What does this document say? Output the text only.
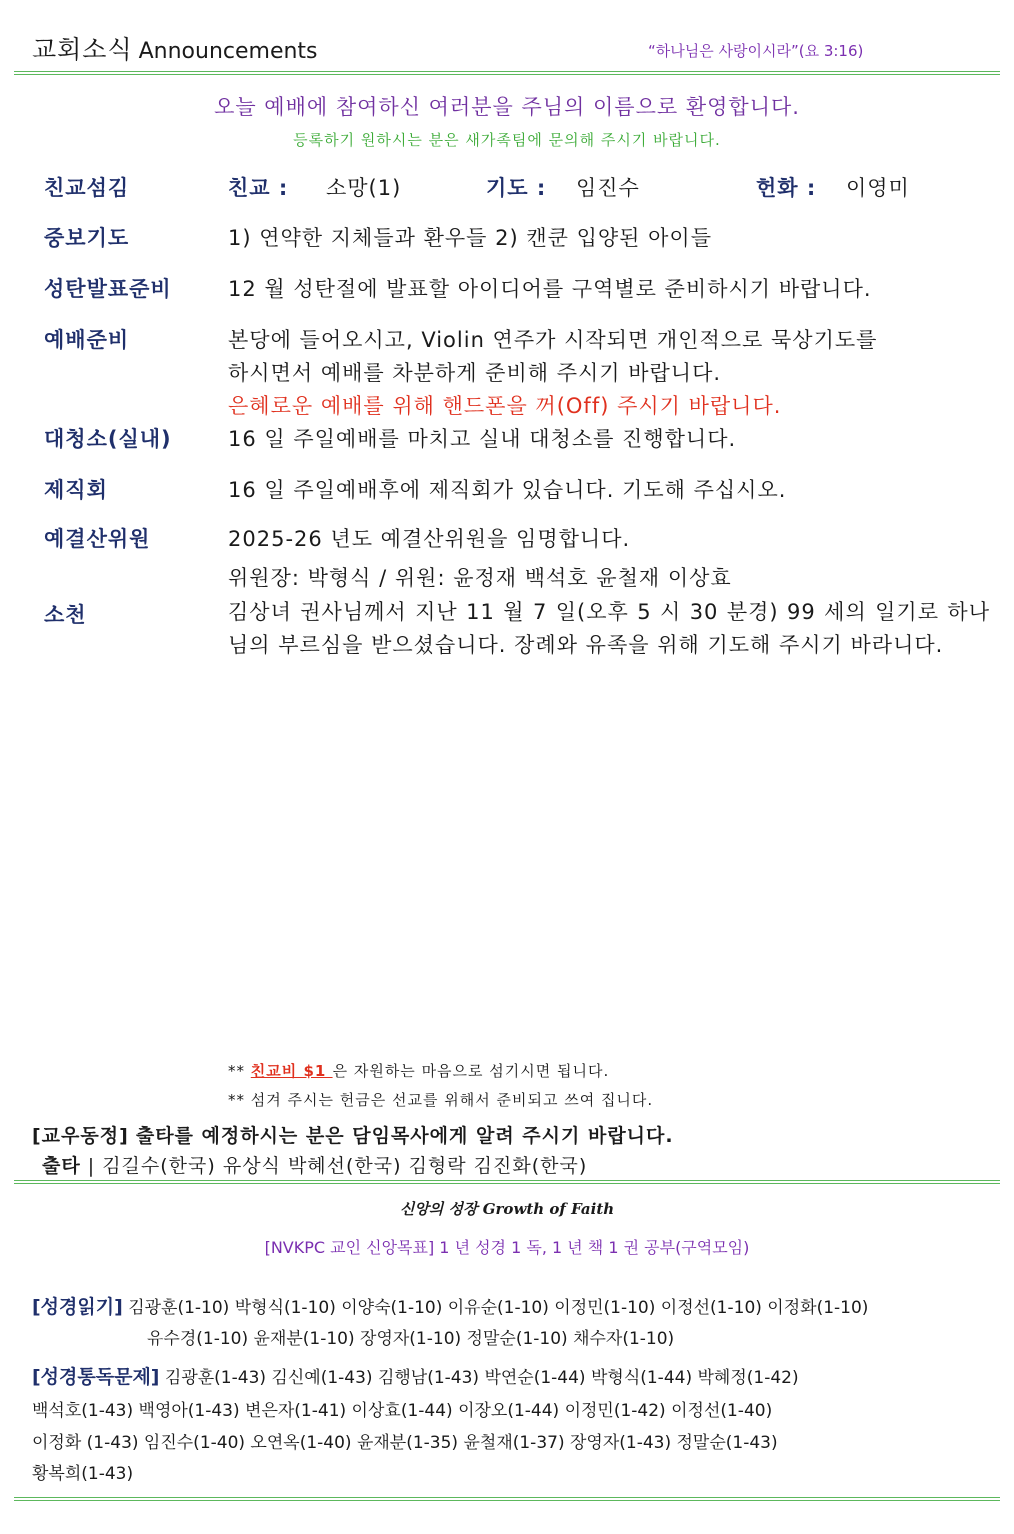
교회소식 Announcements	“하나님은 사랑이시라”(요 3:16)
오늘 예배에 참여하신 여러분을 주님의 이름으로 환영합니다.
등록하기 원하시는 분은 새가족팀에 문의해 주시기 바랍니다.
친교섬김	친교 : 소망(1)	기도 : 임진수	헌화 : 이영미
중보기도	1) 연약한 지체들과 환우들 2) 캔쿤 입양된 아이들
성탄발표준비	12 월 성탄절에 발표할 아이디어를 구역별로 준비하시기 바랍니다.
예배준비	본당에 들어오시고, Violin 연주가 시작되면 개인적으로 묵상기도를
하시면서 예배를 차분하게 준비해 주시기 바랍니다.
은혜로운 예배를 위해 핸드폰을 꺼(Off) 주시기 바랍니다.
대청소(실내)	16 일 주일예배를 마치고 실내 대청소를 진행합니다.
제직회	16 일 주일예배후에 제직회가 있습니다. 기도해 주십시오.
예결산위원	2025-26 년도 예결산위원을 임명합니다.
위원장: 박형식 / 위원: 윤정재 백석호 윤철재 이상효
소천	김상녀 권사님께서 지난 11 월 7 일(오후 5 시 30 분경) 99 세의 일기로 하나님의 부르심을 받으셨습니다. 장례와 유족을 위해 기도해 주시기 바라니다.
** 친교비 $1 은 자원하는 마음으로 섬기시면 됩니다.
** 섬겨 주시는 헌금은 선교를 위해서 준비되고 쓰여 집니다.
[교우동정] 출타를 예정하시는 분은 담임목사에게 알려 주시기 바랍니다.
출타 | 김길수(한국) 유상식 박혜선(한국) 김형락 김진화(한국)
신앙의 성장 Growth of Faith
[NVKPC 교인 신앙목표] 1 년 성경 1 독, 1 년 책 1 권 공부(구역모임)
[성경읽기] 김광훈(1-10) 박형식(1-10) 이양숙(1-10) 이유순(1-10) 이정민(1-10) 이정선(1-10) 이정화(1-10)
유수경(1-10) 윤재분(1-10) 장영자(1-10) 정말순(1-10) 채수자(1-10)
[성경통독문제] 김광훈(1-43) 김신예(1-43) 김행남(1-43) 박연순(1-44) 박형식(1-44) 박혜정(1-42)
백석호(1-43) 백영아(1-43) 변은자(1-41) 이상효(1-44) 이장오(1-44) 이정민(1-42) 이정선(1-40)
이정화 (1-43) 임진수(1-40) 오연옥(1-40) 윤재분(1-35) 윤철재(1-37) 장영자(1-43) 정말순(1-43)
황복희(1-43)
